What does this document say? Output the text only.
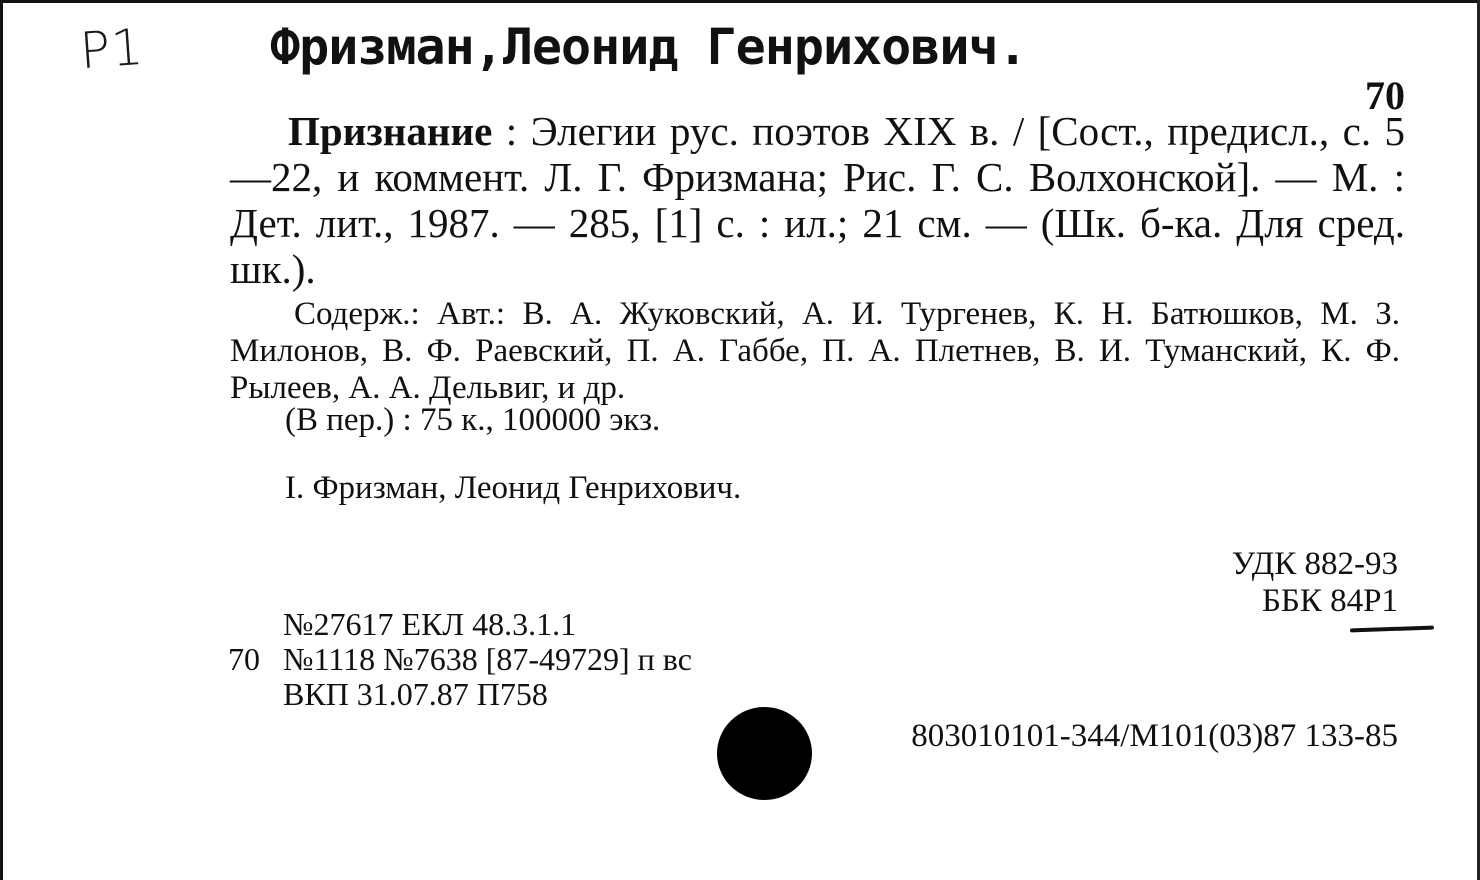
Р1 Фризман,Леонид Генрихович.
70
Признание : Элегии рус. поэтов XIX в. / [Сост., предисл., с. 5—22, и коммент. Л. Г. Фризмана; Рис. Г. С. Волхонской]. — М. : Дет. лит., 1987. — 285, [1] с. : ил.; 21 см. — (Шк. б-ка. Для сред. шк.).
Содерж.: Авт.: В. А. Жуковский, А. И. Тургенев, К. Н. Батюшков, М. З. Милонов, В. Ф. Раевский, П. А. Габбе, П. А. Плетнев, В. И. Туманский, К. Ф. Рылеев, А. А. Дельвиг, и др.
(В пер.) : 75 к., 100000 экз.
I. Фризман, Леонид Генрихович.
УДК 882-93
ББК 84Р1
№27617 ЕКЛ 48.3.1.1
70 №1118 №7638 [87-49729] п вс
ВКП 31.07.87 П758
803010101-344/М101(03)87 133-85
